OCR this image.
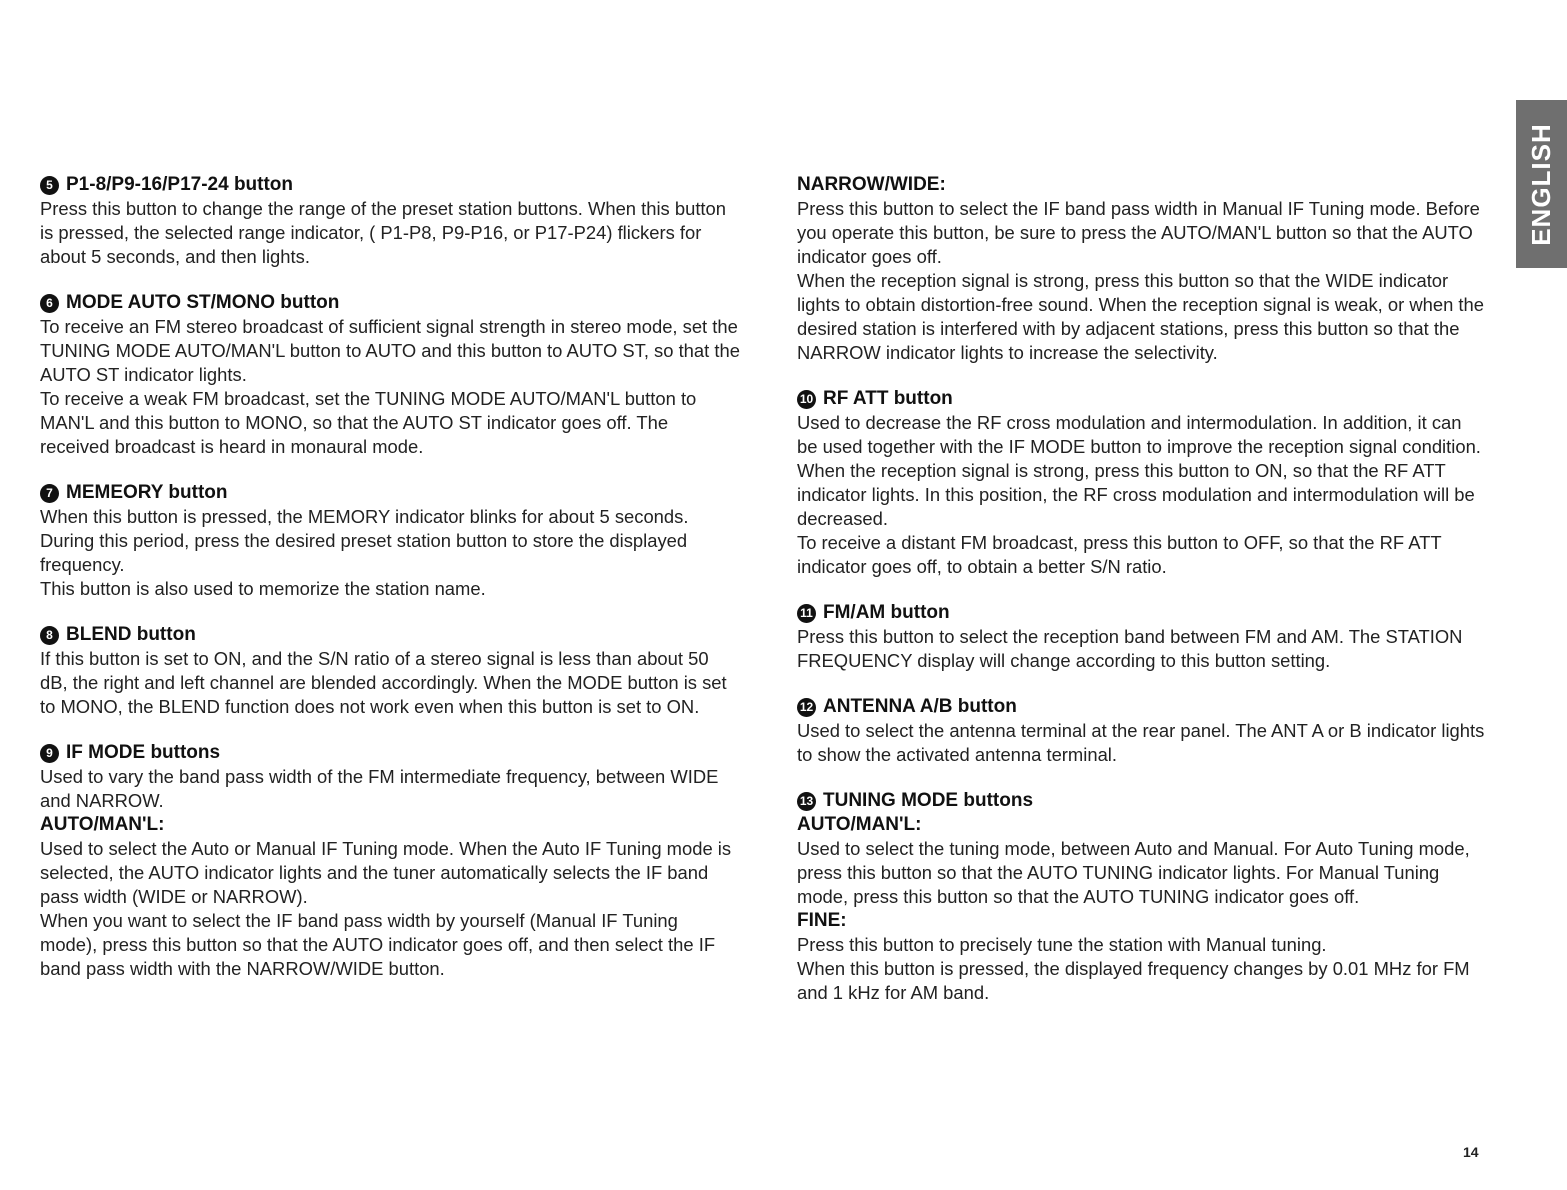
ENGLISH
5 P1-8/P9-16/P17-24 button
Press this button to change the range of the preset station buttons. When this button is pressed, the selected range indicator, ( P1-P8, P9-P16, or P17-P24) flickers for about 5 seconds, and then lights.
6 MODE AUTO ST/MONO button
To receive an FM stereo broadcast of sufficient signal strength in stereo mode, set the TUNING MODE AUTO/MAN'L button to AUTO and this button to AUTO ST, so that the AUTO ST indicator lights.
To receive a weak FM broadcast, set the TUNING MODE AUTO/MAN'L button to MAN'L and this button to MONO, so that the AUTO ST indicator goes off. The received broadcast is heard in monaural mode.
7 MEMEORY button
When this button is pressed, the MEMORY indicator blinks for about 5 seconds. During this period, press the desired preset station button to store the displayed frequency.
This button is also used to memorize the station name.
8 BLEND button
If this button is set to ON, and the S/N ratio of a stereo signal is less than about 50 dB, the right and left channel are blended accordingly. When the MODE button is set to MONO, the BLEND function does not work even when this button is set to ON.
9 IF MODE buttons
Used to vary the band pass width of the FM intermediate frequency, between WIDE and NARROW.
AUTO/MAN'L:
Used to select the Auto or Manual IF Tuning mode. When the Auto IF Tuning mode is selected, the AUTO indicator lights and the tuner automatically selects the IF band pass width (WIDE or NARROW).
When you want to select the IF band pass width by yourself (Manual IF Tuning mode), press this button so that the AUTO indicator goes off, and then select the IF band pass width with the NARROW/WIDE button.
NARROW/WIDE:
Press this button to select the IF band pass width in Manual IF Tuning mode. Before you operate this button, be sure to press the AUTO/MAN'L button so that the AUTO indicator goes off.
When the reception signal is strong, press this button so that the WIDE indicator lights to obtain distortion-free sound. When the reception signal is weak, or when the desired station is interfered with by adjacent stations, press this button so that the NARROW indicator lights to increase the selectivity.
10 RF ATT button
Used to decrease the RF cross modulation and intermodulation. In addition, it can be used together with the IF MODE button to improve the reception signal condition.
When the reception signal is strong, press this button to ON, so that the RF ATT indicator lights. In this position, the RF cross modulation and intermodulation will be decreased.
To receive a distant FM broadcast, press this button to OFF, so that the RF ATT indicator goes off, to obtain a better S/N ratio.
11 FM/AM button
Press this button to select the reception band between FM and AM. The STATION FREQUENCY display will change according to this button setting.
12 ANTENNA A/B button
Used to select the antenna terminal at the rear panel. The ANT A or B indicator lights to show the activated antenna terminal.
13 TUNING MODE buttons
AUTO/MAN'L:
Used to select the tuning mode, between Auto and Manual. For Auto Tuning mode, press this button so that the AUTO TUNING indicator lights. For Manual Tuning mode, press this button so that the AUTO TUNING indicator goes off.
FINE:
Press this button to precisely tune the station with Manual tuning.
When this button is pressed, the displayed frequency changes by 0.01 MHz for FM and 1 kHz for AM band.
14
